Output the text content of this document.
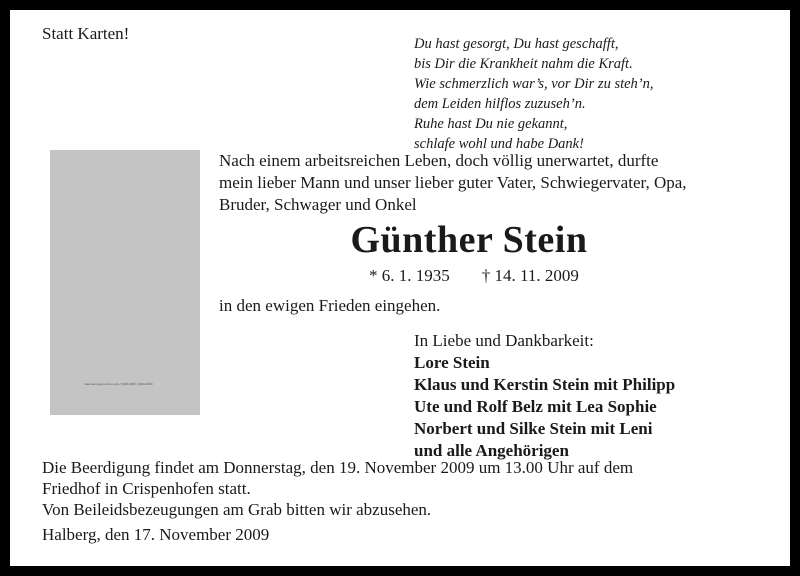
Statt Karten!
Du hast gesorgt, Du hast geschafft,
bis Dir die Krankheit nahm die Kraft.
Wie schmerzlich war’s, vor Dir zu steh’n,
dem Leiden hilflos zuzuseh’n.
Ruhe hast Du nie gekannt,
schlafe wohl und habe Dank!
traueranzeigen-stimme.de / 0000-0000 / 0000-0000
Nach einem arbeitsreichen Leben, doch völlig unerwartet, durfte
mein lieber Mann und unser lieber guter Vater, Schwiegervater, Opa,
Bruder, Schwager und Onkel
Günther Stein
* 6. 1. 1935 † 14. 11. 2009
in den ewigen Frieden eingehen.
In Liebe und Dankbarkeit:
Lore Stein
Klaus und Kerstin Stein mit Philipp
Ute und Rolf Belz mit Lea Sophie
Norbert und Silke Stein mit Leni
und alle Angehörigen
Die Beerdigung findet am Donnerstag, den 19. November 2009 um 13.00 Uhr auf dem
Friedhof in Crispenhofen statt.
Von Beileidsbezeugungen am Grab bitten wir abzusehen.
Halberg, den 17. November 2009
